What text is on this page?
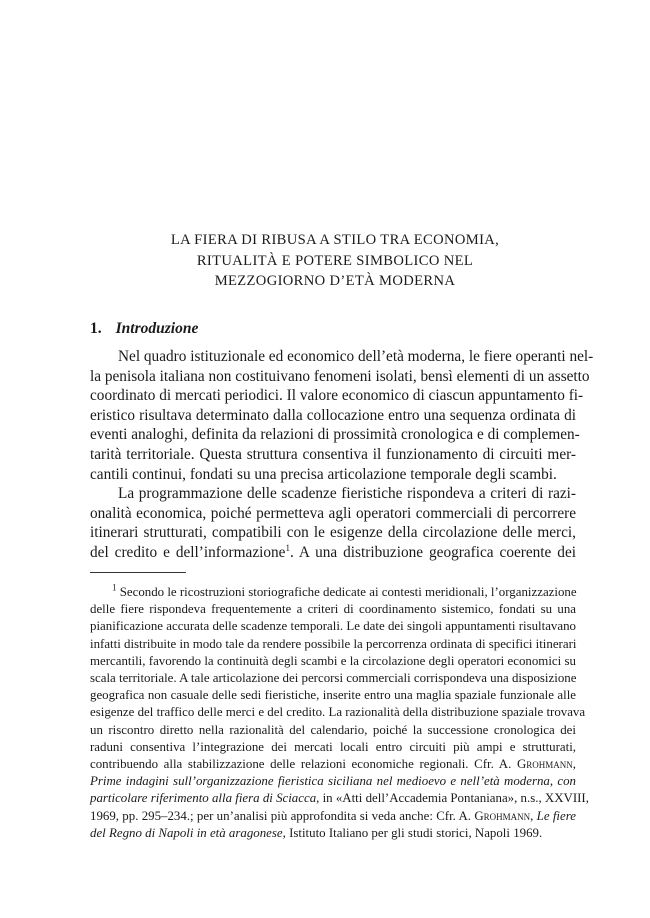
LA FIERA DI RIBUSA A STILO TRA ECONOMIA,
RITUALITÀ E POTERE SIMBOLICO NEL
MEZZOGIORNO D’ETÀ MODERNA
1. Introduzione
Nel quadro istituzionale ed economico dell’età moderna, le fiere operanti nel-
la penisola italiana non costituivano fenomeni isolati, bensì elementi di un assetto
coordinato di mercati periodici. Il valore economico di ciascun appuntamento fi-
eristico risultava determinato dalla collocazione entro una sequenza ordinata di
eventi analoghi, definita da relazioni di prossimità cronologica e di complemen-
tarità territoriale. Questa struttura consentiva il funzionamento di circuiti mer-
cantili continui, fondati su una precisa articolazione temporale degli scambi.
La programmazione delle scadenze fieristiche rispondeva a criteri di razi-
onalità economica, poiché permetteva agli operatori commerciali di percorrere
itinerari strutturati, compatibili con le esigenze della circolazione delle merci,
del credito e dell’informazione$^1$. A una distribuzione geografica coerente dei
$^1$ Secondo le ricostruzioni storiografiche dedicate ai contesti meridionali, l’organizzazione
delle fiere rispondeva frequentemente a criteri di coordinamento sistemico, fondati su una
pianificazione accurata delle scadenze temporali. Le date dei singoli appuntamenti risultavano
infatti distribuite in modo tale da rendere possibile la percorrenza ordinata di specifici itinerari
mercantili, favorendo la continuità degli scambi e la circolazione degli operatori economici su
scala territoriale. A tale articolazione dei percorsi commerciali corrispondeva una disposizione
geografica non casuale delle sedi fieristiche, inserite entro una maglia spaziale funzionale alle
esigenze del traffico delle merci e del credito. La razionalità della distribuzione spaziale trovava
un riscontro diretto nella razionalità del calendario, poiché la successione cronologica dei
raduni consentiva l’integrazione dei mercati locali entro circuiti più ampi e strutturati,
contribuendo alla stabilizzazione delle relazioni economiche regionali. Cfr. A. Grohmann,
Prime indagini sull’organizzazione fieristica siciliana nel medioevo e nell’età moderna, con
particolare riferimento alla fiera di Sciacca, in «Atti dell’Accademia Pontaniana», n.s., XXVIII,
1969, pp. 295–234.; per un’analisi più approfondita si veda anche: Cfr. A. Grohmann, Le fiere
del Regno di Napoli in età aragonese, Istituto Italiano per gli studi storici, Napoli 1969.
